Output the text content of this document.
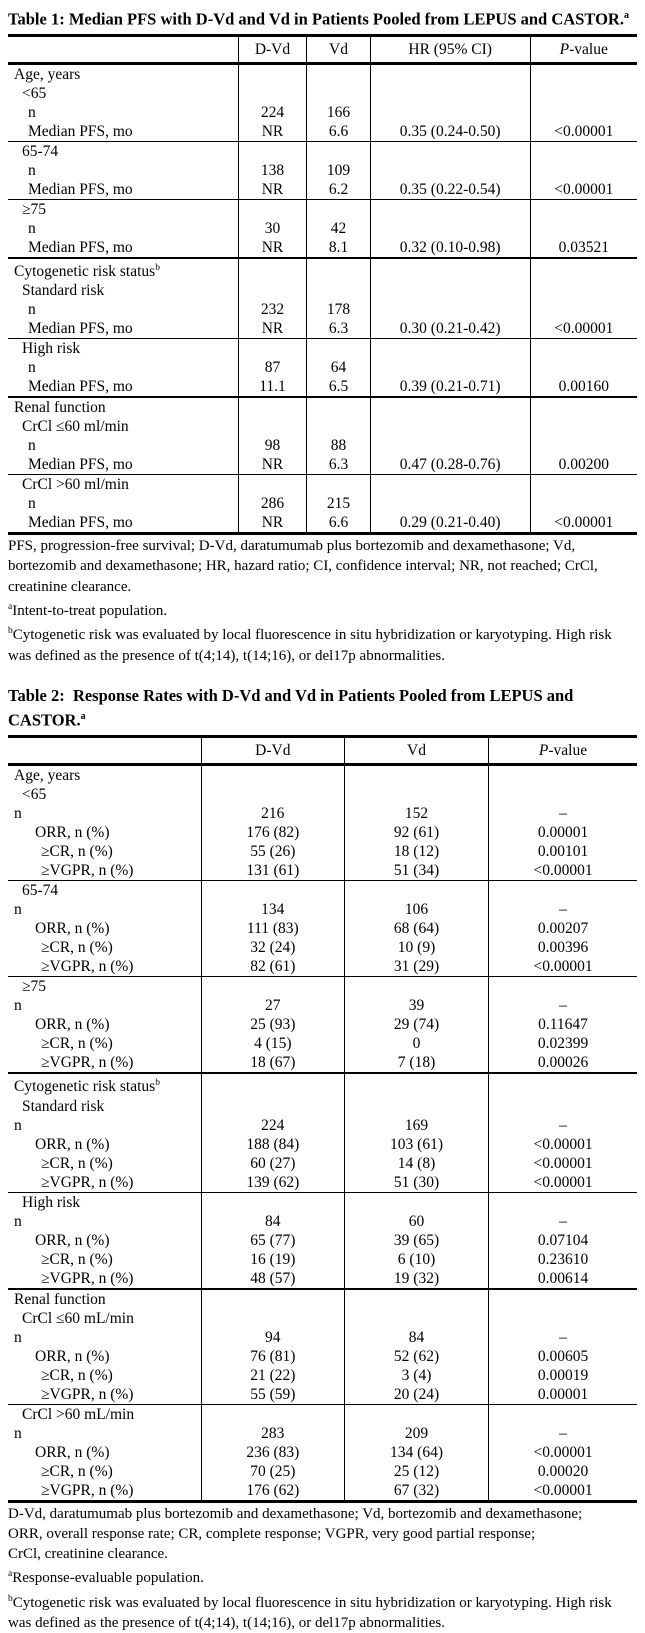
Table 1: Median PFS with D-Vd and Vd in Patients Pooled from LEPUS and CASTOR.$^a$
	D-Vd	Vd	HR (95% CI)	P-value
Age, years				
<65				
n	224	166		
Median PFS, mo	NR	6.6	0.35 (0.24-0.50)	<0.00001
65-74				
n	138	109		
Median PFS, mo	NR	6.2	0.35 (0.22-0.54)	<0.00001
≥75				
n	30	42		
Median PFS, mo	NR	8.1	0.32 (0.10-0.98)	0.03521
Cytogenetic risk status$^b$				
Standard risk				
n	232	178		
Median PFS, mo	NR	6.3	0.30 (0.21-0.42)	<0.00001
High risk				
n	87	64		
Median PFS, mo	11.1	6.5	0.39 (0.21-0.71)	0.00160
Renal function				
CrCl ≤60 ml/min				
n	98	88		
Median PFS, mo	NR	6.3	0.47 (0.28-0.76)	0.00200
CrCl >60 ml/min				
n	286	215		
Median PFS, mo	NR	6.6	0.29 (0.21-0.40)	<0.00001
PFS, progression-free survival; D-Vd, daratumumab plus bortezomib and dexamethasone; Vd, bortezomib and dexamethasone; HR, hazard ratio; CI, confidence interval; NR, not reached; CrCl, creatinine clearance.
$^a$Intent-to-treat population.
$^b$Cytogenetic risk was evaluated by local fluorescence in situ hybridization or karyotyping. High risk was defined as the presence of t(4;14), t(14;16), or del17p abnormalities.
Table 2:  Response Rates with D-Vd and Vd in Patients Pooled from LEPUS and CASTOR.$^a$
	D-Vd	Vd	P-value
Age, years			
<65			
n	216	152	–
ORR, n (%)	176 (82)	92 (61)	0.00001
≥CR, n (%)	55 (26)	18 (12)	0.00101
≥VGPR, n (%)	131 (61)	51 (34)	<0.00001
65-74			
n	134	106	–
ORR, n (%)	111 (83)	68 (64)	0.00207
≥CR, n (%)	32 (24)	10 (9)	0.00396
≥VGPR, n (%)	82 (61)	31 (29)	<0.00001
≥75			
n	27	39	–
ORR, n (%)	25 (93)	29 (74)	0.11647
≥CR, n (%)	4 (15)	0	0.02399
≥VGPR, n (%)	18 (67)	7 (18)	0.00026
Cytogenetic risk status$^b$			
Standard risk			
n	224	169	–
ORR, n (%)	188 (84)	103 (61)	<0.00001
≥CR, n (%)	60 (27)	14 (8)	<0.00001
≥VGPR, n (%)	139 (62)	51 (30)	<0.00001
High risk			
n	84	60	–
ORR, n (%)	65 (77)	39 (65)	0.07104
≥CR, n (%)	16 (19)	6 (10)	0.23610
≥VGPR, n (%)	48 (57)	19 (32)	0.00614
Renal function			
CrCl ≤60 mL/min			
n	94	84	–
ORR, n (%)	76 (81)	52 (62)	0.00605
≥CR, n (%)	21 (22)	3 (4)	0.00019
≥VGPR, n (%)	55 (59)	20 (24)	0.00001
CrCl >60 mL/min			
n	283	209	–
ORR, n (%)	236 (83)	134 (64)	<0.00001
≥CR, n (%)	70 (25)	25 (12)	0.00020
≥VGPR, n (%)	176 (62)	67 (32)	<0.00001
D-Vd, daratumumab plus bortezomib and dexamethasone; Vd, bortezomib and dexamethasone;
ORR, overall response rate; CR, complete response; VGPR, very good partial response;
CrCl, creatinine clearance.
$^a$Response-evaluable population.
$^b$Cytogenetic risk was evaluated by local fluorescence in situ hybridization or karyotyping. High risk was defined as the presence of t(4;14), t(14;16), or del17p abnormalities.
